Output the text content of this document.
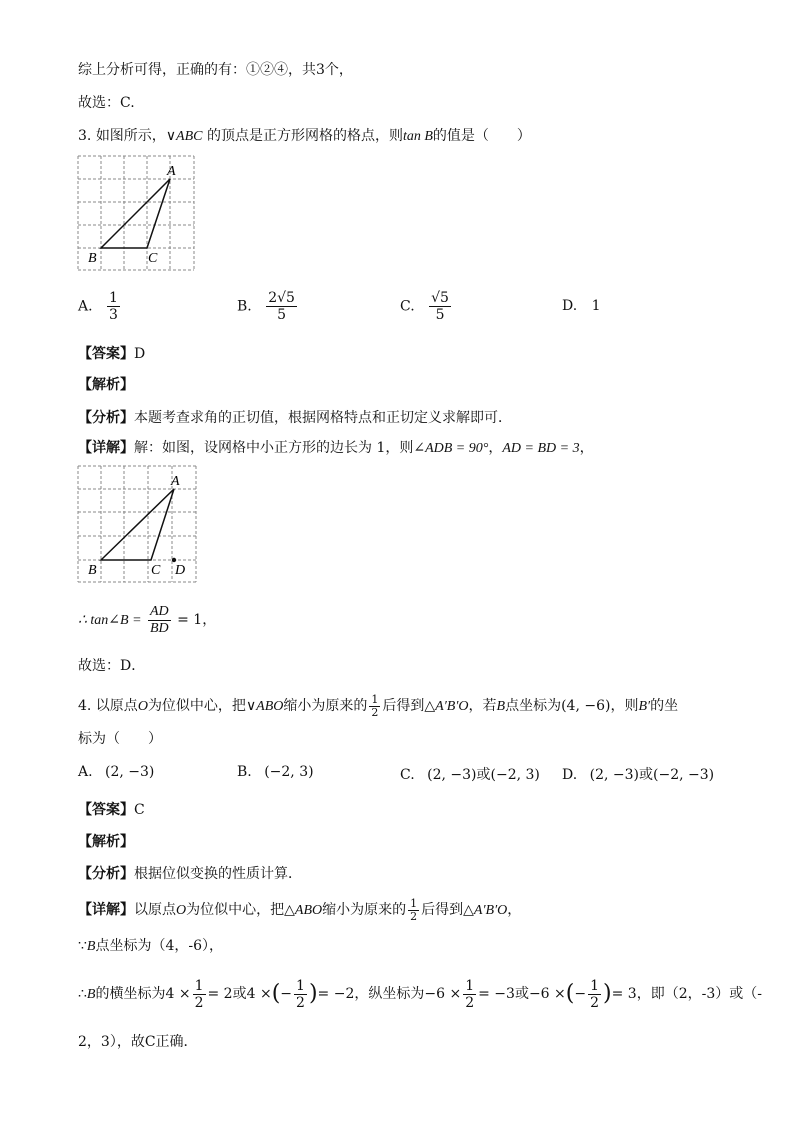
综上分析可得，正确的有：①②④，共3个，
故选：C.
3. 如图所示，∨ABC 的顶点是正方形网格的格点，则tan B的值是（　　）
A
B	C
A. $\frac{1}{3}$	B. $\frac{2√5}{5}$	C. $\frac{√5}{5}$	D. 1
【答案】D
【解析】
【分析】本题考查求角的正切值，根据网格特点和正切定义求解即可．
【详解】解：如图，设网格中小正方形的边长为 1，则∠ADB = 90°，AD = BD = 3，
A
B	C D
∴ tan∠B = $\frac{AD}{BD} = 1$，
故选：D．
4. 以原点O为位似中心，把∨ABO缩小为原来的 $\frac{1}{2}$ 后得到△A′B′O，若B点坐标为(4, −6)，则B′的坐
标为（　　）
A. (2, −3)	B. (−2, 3)	C. (2, −3)或(−2, 3) D. (2, −3)或(−2, −3)
【答案】C
【解析】
【分析】根据位似变换的性质计算．
【详解】以原点O为位似中心，把△ABO缩小为原来的 $\frac{1}{2}$ 后得到△A′B′O，
∵B点坐标为（4，-6），
∴B的横坐标为$4 \times \frac{1}{2} = 2$或4 ×(− $\frac{1}{2}$ )= −2，纵坐标为$-6 \times \frac{1}{2} = -3$或−6 ×(− $\frac{1}{2}$ )= 3，即（2，-3）或（-
2，3），故C正确．
